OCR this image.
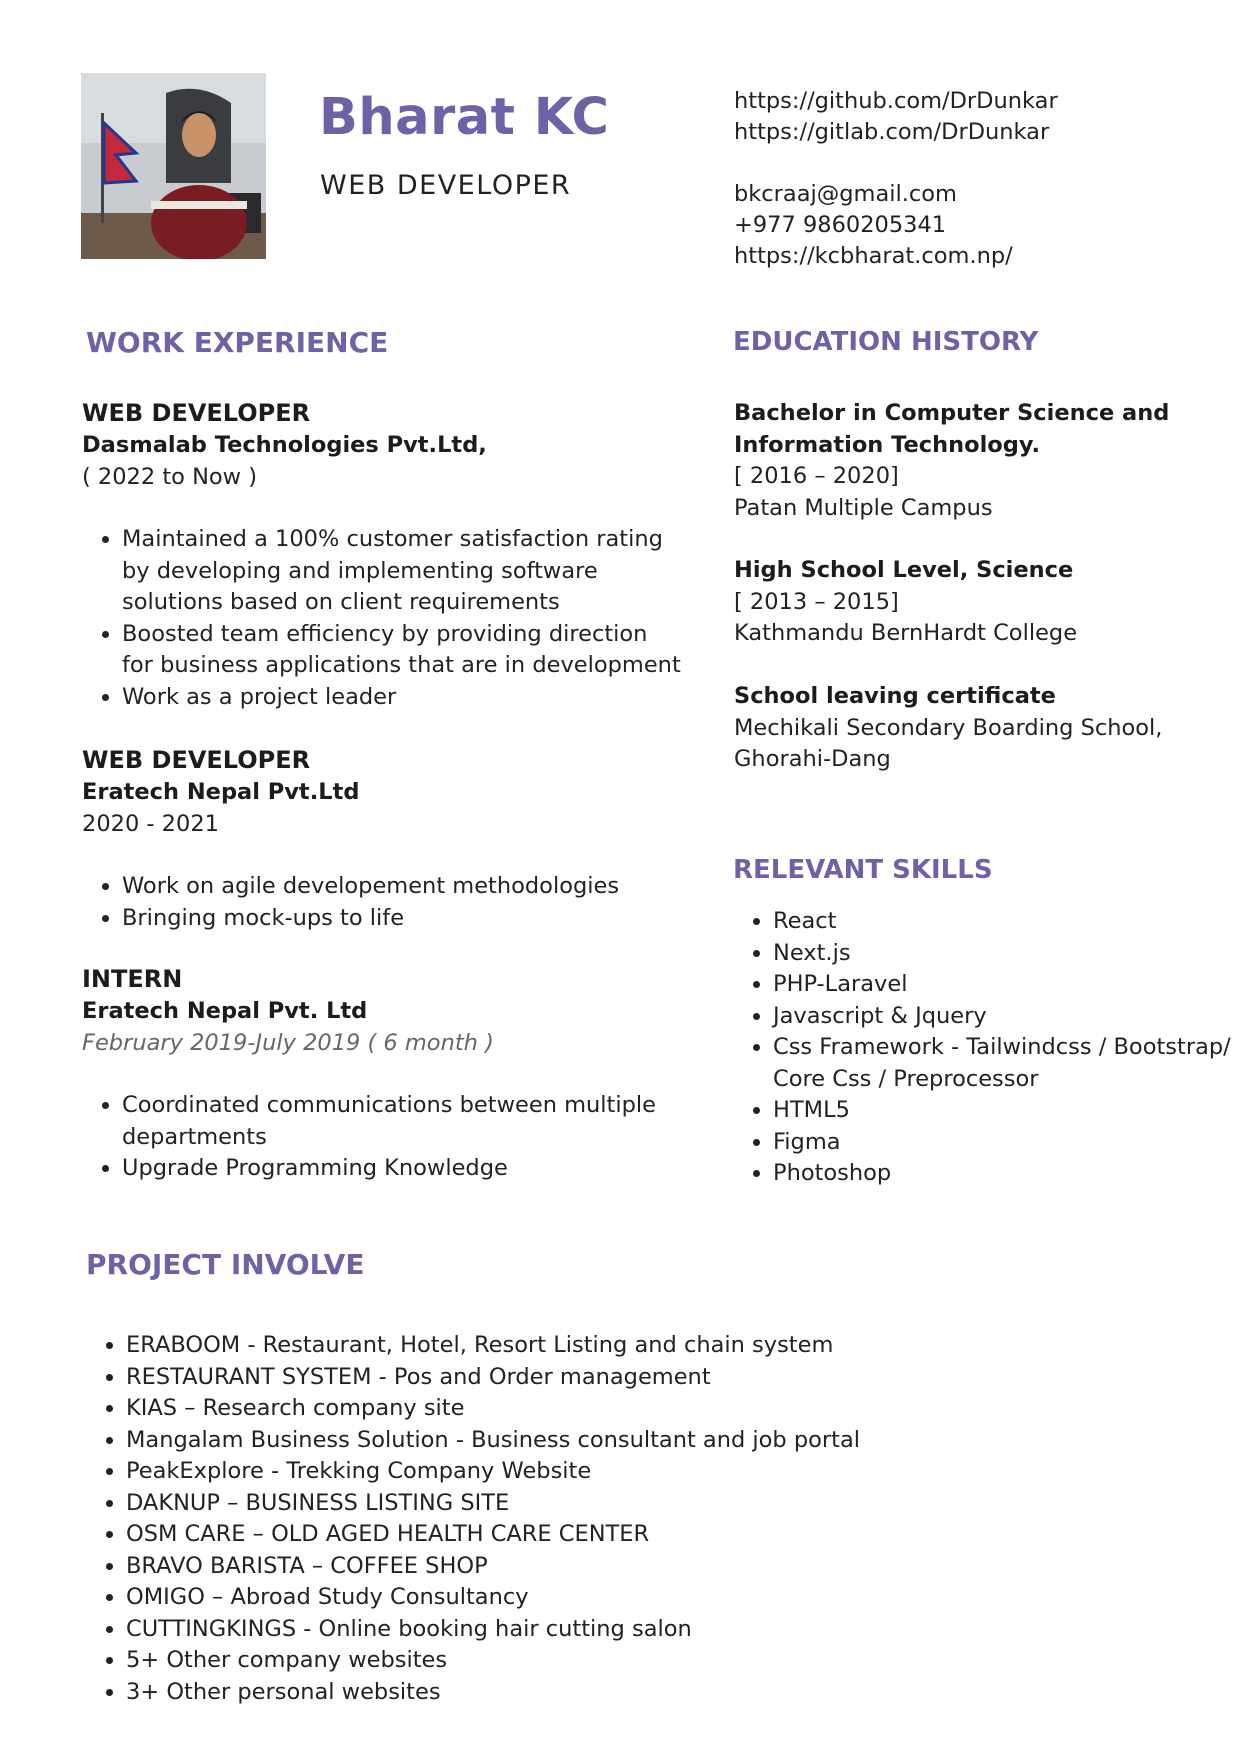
Bharat KC
WEB DEVELOPER
https://github.com/DrDunkar
https://gitlab.com/DrDunkar
bkcraaj@gmail.com
+977 9860205341
https://kcbharat.com.np/
WORK EXPERIENCE
WEB DEVELOPER
Dasmalab Technologies Pvt.Ltd,
( 2022 to Now )
• Maintained a 100% customer satisfaction rating by developing and implementing software solutions based on client requirements
• Boosted team efficiency by providing direction for business applications that are in development
• Work as a project leader
WEB DEVELOPER
Eratech Nepal Pvt.Ltd
2020 - 2021
• Work on agile developement methodologies
• Bringing mock-ups to life
INTERN
Eratech Nepal Pvt. Ltd
February 2019-July 2019 ( 6 month )
• Coordinated communications between multiple departments
• Upgrade Programming Knowledge
EDUCATION HISTORY
Bachelor in Computer Science and Information Technology.
[ 2016 – 2020]
Patan Multiple Campus
High School Level, Science
[ 2013 – 2015]
Kathmandu BernHardt College
School leaving certificate
Mechikali Secondary Boarding School, Ghorahi-Dang
RELEVANT SKILLS
• React
• Next.js
• PHP-Laravel
• Javascript & Jquery
• Css Framework - Tailwindcss / Bootstrap/ Core Css / Preprocessor
• HTML5
• Figma
• Photoshop
PROJECT INVOLVE
• ERABOOM - Restaurant, Hotel, Resort Listing and chain system
• RESTAURANT SYSTEM - Pos and Order management
• KIAS – Research company site
• Mangalam Business Solution - Business consultant and job portal
• PeakExplore - Trekking Company Website
• DAKNUP – BUSINESS LISTING SITE
• OSM CARE – OLD AGED HEALTH CARE CENTER
• BRAVO BARISTA – COFFEE SHOP
• OMIGO – Abroad Study Consultancy
• CUTTINGKINGS - Online booking hair cutting salon
• 5+ Other company websites
• 3+ Other personal websites
